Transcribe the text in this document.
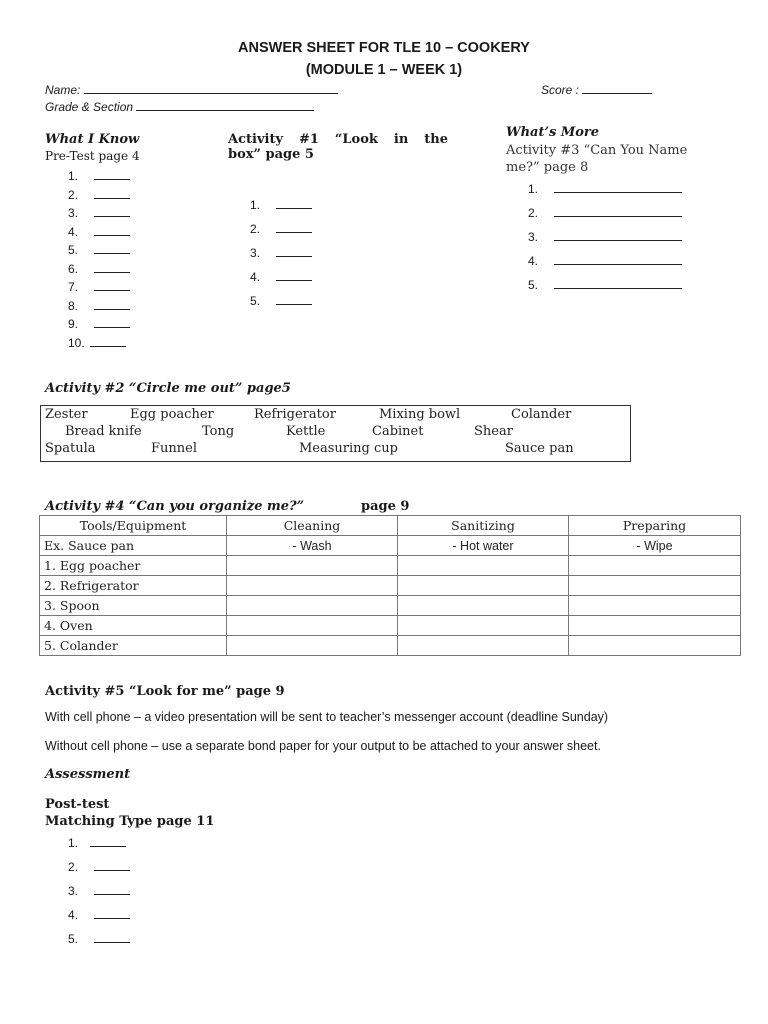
ANSWER SHEET FOR TLE 10 – COOKERY
(MODULE 1 – WEEK 1)
Name:	Score :
Grade & Section
What I Know
Pre-Test page 4
1.
2.
3.
4.
5.
6.
7.
8.
9.
10.
Activity #1 “Look in the
box” page 5
1.
2.
3.
4.
5.
What’s More
Activity #3 “Can You Name
me?” page 8
1.
2.
3.
4.
5.
Activity #2 “Circle me out” page5
Zester	Egg poacher	Refrigerator	Mixing bowl	Colander
Bread knife	Tong	Kettle	Cabinet	Shear
Spatula	Funnel	Measuring cup	Sauce pan
Activity #4 “Can you organize me?”	page 9
Tools/Equipment	Cleaning	Sanitizing	Preparing
Ex. Sauce pan	- Wash	- Hot water	- Wipe
1. Egg poacher			
2. Refrigerator			
3. Spoon			
4. Oven			
5. Colander			
Activity #5 “Look for me” page 9

With cell phone – a video presentation will be sent to teacher’s messenger account (deadline Sunday)

Without cell phone – use a separate bond paper for your output to be attached to your answer sheet.

Assessment
Post-test
Matching Type page 11
1.
2.
3.
4.
5.
